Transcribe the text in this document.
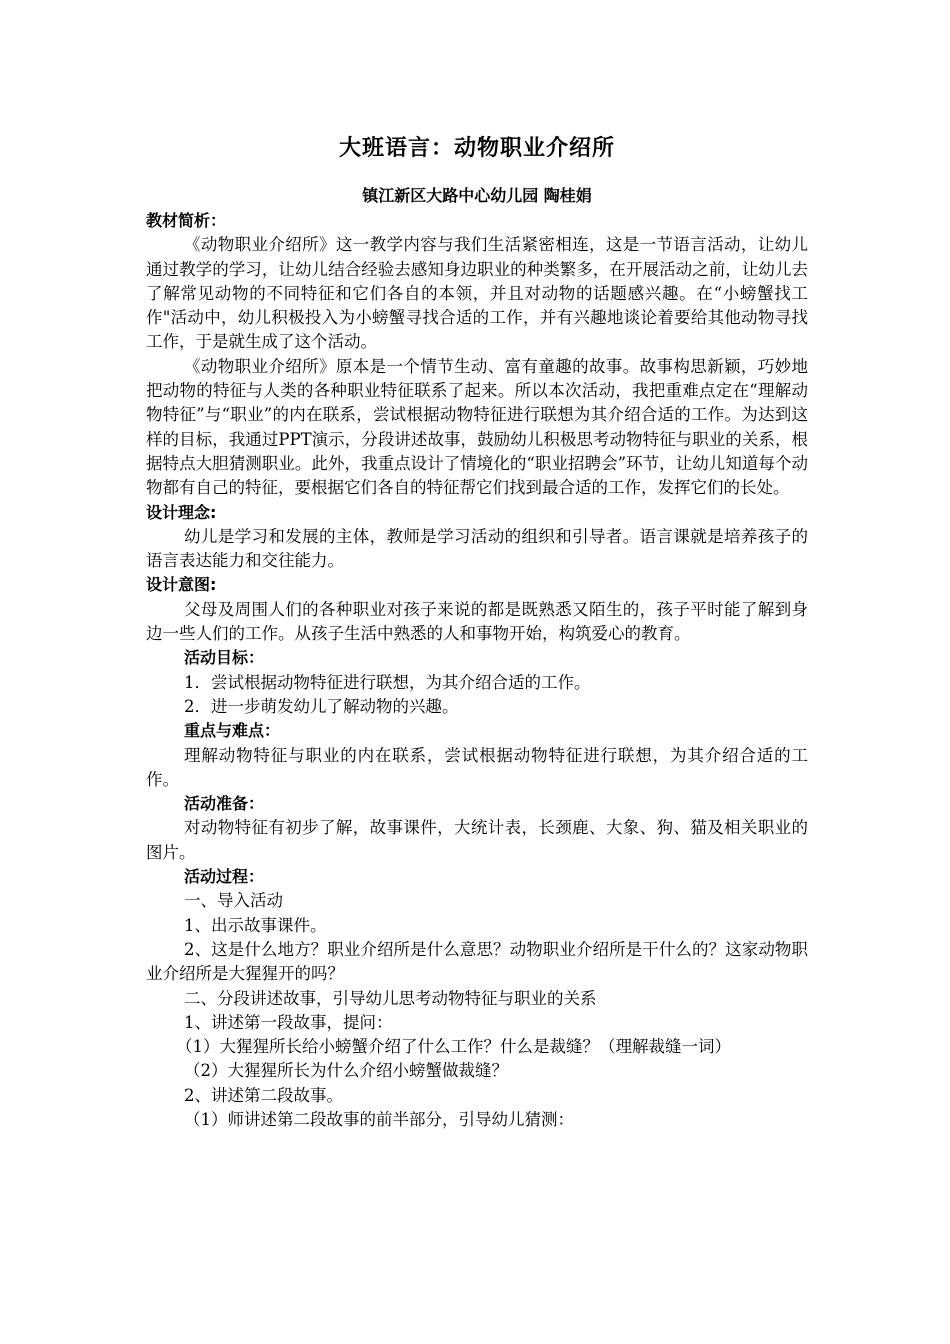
大班语言：动物职业介绍所
镇江新区大路中心幼儿园 陶桂娟
教材简析：

《动物职业介绍所》这一教学内容与我们生活紧密相连，这是一节语言活动，让幼儿通过教学的学习，让幼儿结合经验去感知身边职业的种类繁多，在开展活动之前，让幼儿去了解常见动物的不同特征和它们各自的本领，并且对动物的话题感兴趣。在“小螃蟹找工作"活动中，幼儿积极投入为小螃蟹寻找合适的工作，并有兴趣地谈论着要给其他动物寻找工作，于是就生成了这个活动。

《动物职业介绍所》原本是一个情节生动、富有童趣的故事。故事构思新颖，巧妙地把动物的特征与人类的各种职业特征联系了起来。所以本次活动，我把重难点定在“理解动物特征”与“职业”的内在联系，尝试根据动物特征进行联想为其介绍合适的工作。为达到这样的目标，我通过PPT演示，分段讲述故事，鼓励幼儿积极思考动物特征与职业的关系，根据特点大胆猜测职业。此外，我重点设计了情境化的“职业招聘会”环节，让幼儿知道每个动物都有自己的特征，要根据它们各自的特征帮它们找到最合适的工作，发挥它们的长处。

设计理念:

幼儿是学习和发展的主体，教师是学习活动的组织和引导者。语言课就是培养孩子的语言表达能力和交往能力。

设计意图:

父母及周围人们的各种职业对孩子来说的都是既熟悉又陌生的，孩子平时能了解到身边一些人们的工作。从孩子生活中熟悉的人和事物开始，构筑爱心的教育。

活动目标：

1．尝试根据动物特征进行联想，为其介绍合适的工作。

2．进一步萌发幼儿了解动物的兴趣。

重点与难点：

理解动物特征与职业的内在联系，尝试根据动物特征进行联想，为其介绍合适的工作。

活动准备：

对动物特征有初步了解，故事课件，大统计表，长颈鹿、大象、狗、猫及相关职业的图片。

活动过程：

一、导入活动

1、出示故事课件。

2、这是什么地方？职业介绍所是什么意思？动物职业介绍所是干什么的？这家动物职业介绍所是大猩猩开的吗？

二、分段讲述故事，引导幼儿思考动物特征与职业的关系

1、讲述第一段故事，提问：

（1）大猩猩所长给小螃蟹介绍了什么工作？什么是裁缝？（理解裁缝一词）

（2）大猩猩所长为什么介绍小螃蟹做裁缝？

2、讲述第二段故事。

（1）师讲述第二段故事的前半部分，引导幼儿猜测：
